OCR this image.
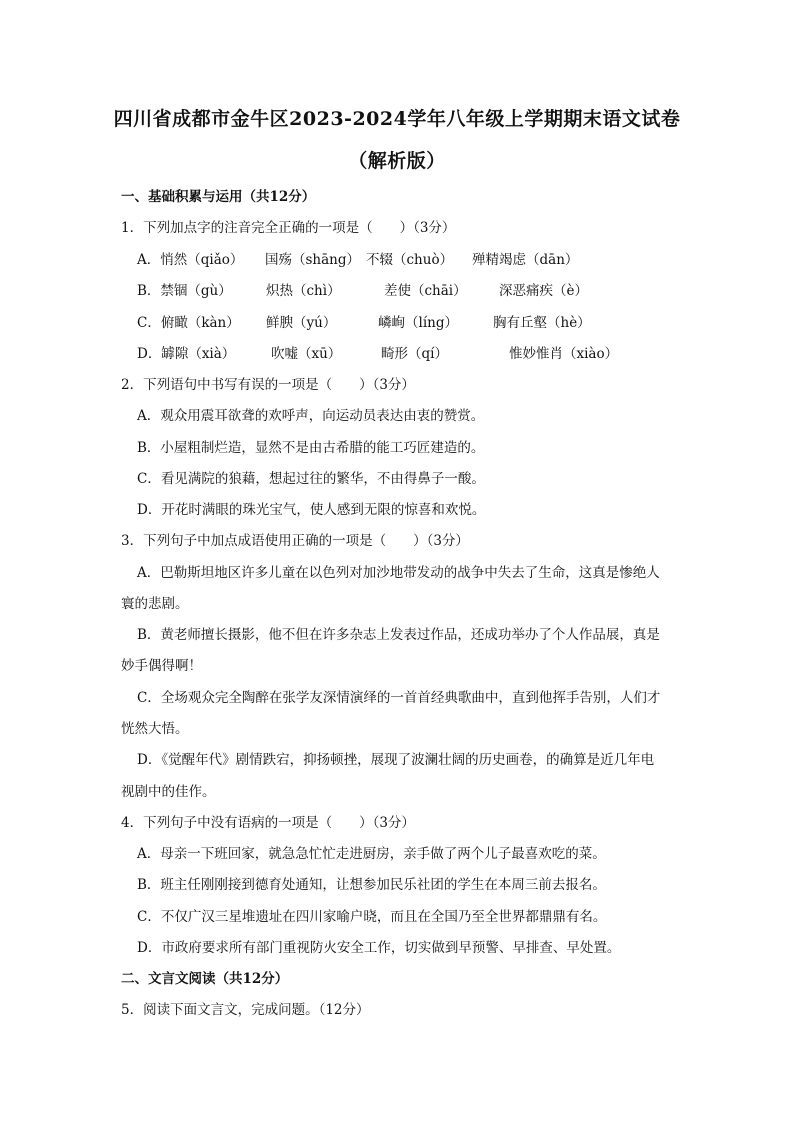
四川省成都市金牛区2023-2024学年八年级上学期期末语文试卷
（解析版）
一、基础积累与运用（共12分）
1．下列加点字的注音完全正确的一项是（　　）（3分）
A．悄然（qiǎo） 国殇（shāng） 不辍（chuò） 殚精竭虑（dān）
B．禁锢（gù）	炽热（chì）	差使（chāi） 深恶痛疾（è）
C．俯瞰（kàn） 鲜腴（yú）	嶙峋（líng）	胸有丘壑（hè）
D．罅隙（xià）	吹嘘（xū）	畸形（qí）	惟妙惟肖（xiào）
2．下列语句中书写有误的一项是（　　）（3分）
A．观众用震耳欲聋的欢呼声，向运动员表达由衷的赞赏。
B．小屋粗制烂造，显然不是由古希腊的能工巧匠建造的。
C．看见满院的狼藉，想起过往的繁华，不由得鼻子一酸。
D．开花时满眼的珠光宝气，使人感到无限的惊喜和欢悦。
3．下列句子中加点成语使用正确的一项是（　　）（3分）
A．巴勒斯坦地区许多儿童在以色列对加沙地带发动的战争中失去了生命，这真是惨绝人
寰的悲剧。
B．黄老师擅长摄影，他不但在许多杂志上发表过作品，还成功举办了个人作品展，真是
妙手偶得啊！
C．全场观众完全陶醉在张学友深情演绎的一首首经典歌曲中，直到他挥手告别，人们才
恍然大悟。
D．《觉醒年代》剧情跌宕，抑扬顿挫，展现了波澜壮阔的历史画卷，的确算是近几年电
视剧中的佳作。
4．下列句子中没有语病的一项是（　　）（3分）
A．母亲一下班回家，就急急忙忙走进厨房，亲手做了两个儿子最喜欢吃的菜。
B．班主任刚刚接到德育处通知，让想参加民乐社团的学生在本周三前去报名。
C．不仅广汉三星堆遗址在四川家喻户晓，而且在全国乃至全世界都鼎鼎有名。
D．市政府要求所有部门重视防火安全工作，切实做到早预警、早排查、早处置。
二、文言文阅读（共12分）
5．阅读下面文言文，完成问题。（12分）
